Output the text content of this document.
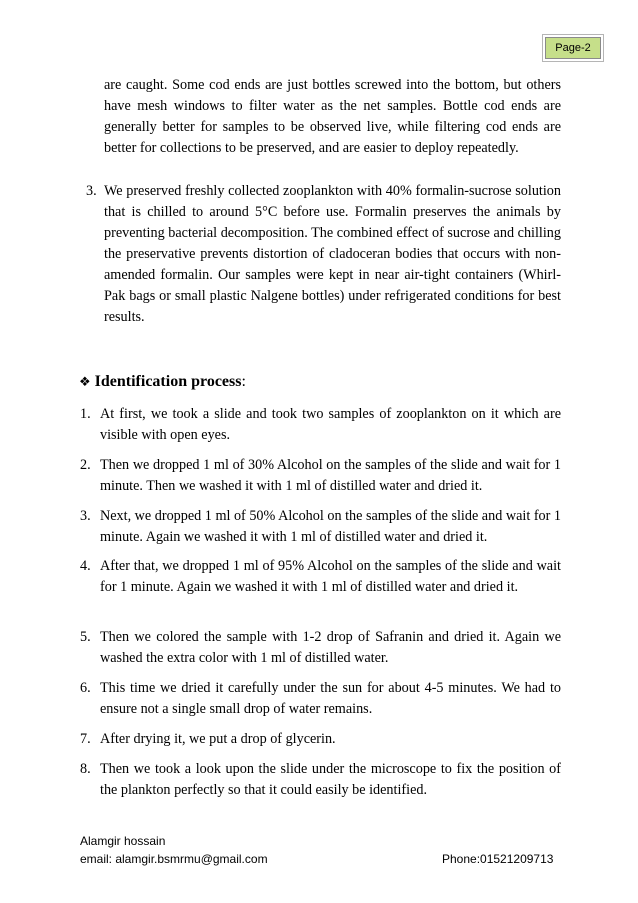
Page-2
are caught. Some cod ends are just bottles screwed into the bottom, but others have mesh windows to filter water as the net samples. Bottle cod ends are generally better for samples to be observed live, while filtering cod ends are better for collections to be preserved, and are easier to deploy repeatedly.
3. We preserved freshly collected zooplankton with 40% formalin-sucrose solution that is chilled to around 5°C before use. Formalin preserves the animals by preventing bacterial decomposition. The combined effect of sucrose and chilling the preservative prevents distortion of cladoceran bodies that occurs with non-amended formalin. Our samples were kept in near air-tight containers (Whirl-Pak bags or small plastic Nalgene bottles) under refrigerated conditions for best results.
❖ Identification process:
1. At first, we took a slide and took two samples of zooplankton on it which are visible with open eyes.
2. Then we dropped 1 ml of 30% Alcohol on the samples of the slide and wait for 1 minute. Then we washed it with 1 ml of distilled water and dried it.
3. Next, we dropped 1 ml of 50% Alcohol on the samples of the slide and wait for 1 minute. Again we washed it with 1 ml of distilled water and dried it.
4. After that, we dropped 1 ml of 95% Alcohol on the samples of the slide and wait for 1 minute. Again we washed it with 1 ml of distilled water and dried it.
5. Then we colored the sample with 1-2 drop of Safranin and dried it. Again we washed the extra color with 1 ml of distilled water.
6. This time we dried it carefully under the sun for about 4-5 minutes. We had to ensure not a single small drop of water remains.
7. After drying it, we put a drop of glycerin.
8. Then we took a look upon the slide under the microscope to fix the position of the plankton perfectly so that it could easily be identified.
Alamgir hossain
email: alamgir.bsmrmu@gmail.com	Phone:01521209713
